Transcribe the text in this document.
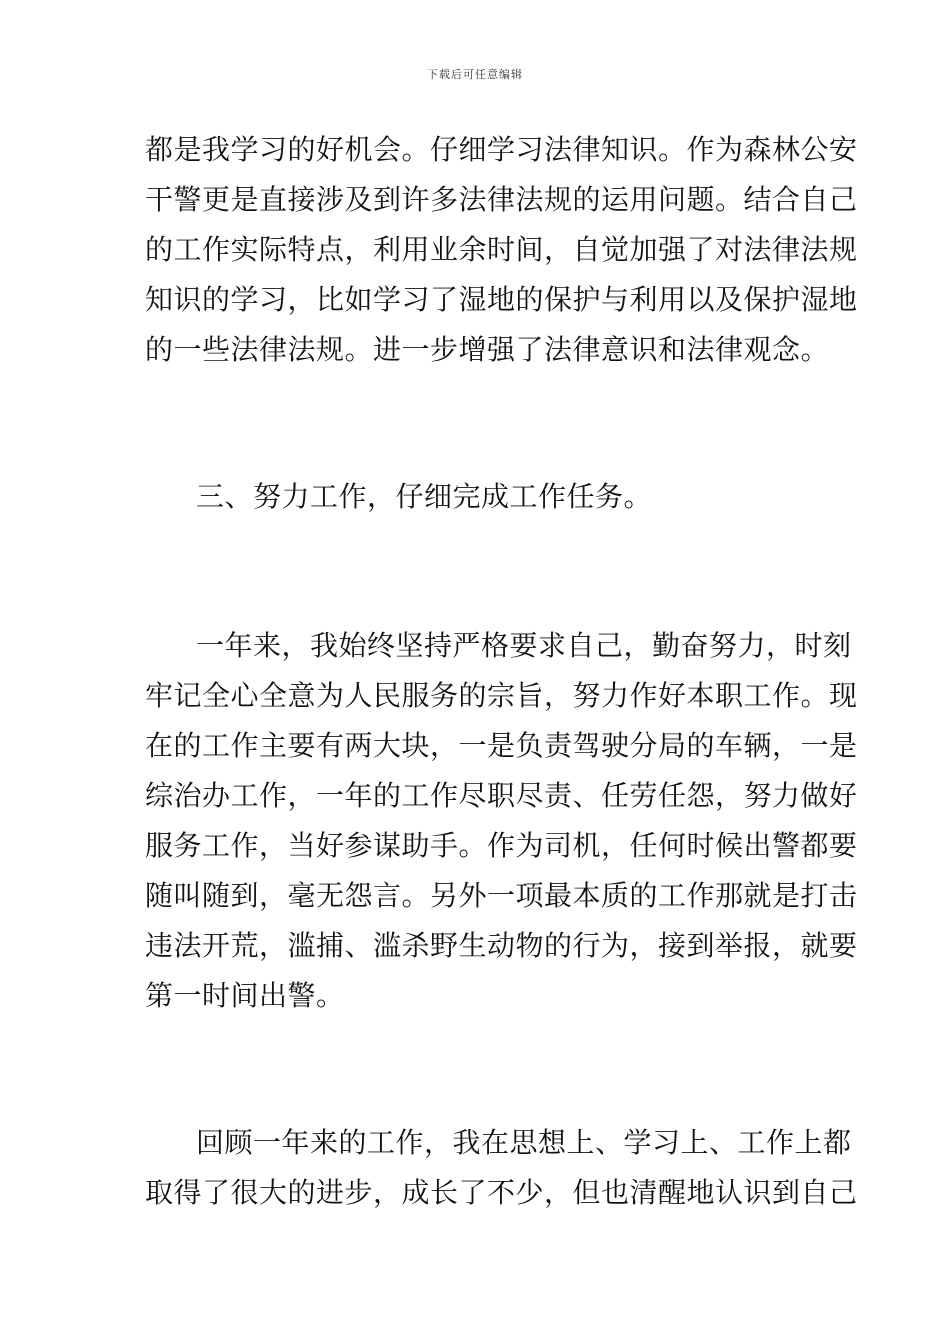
下载后可任意编辑
都是我学习的好机会。仔细学习法律知识。作为森林公安
干警更是直接涉及到许多法律法规的运用问题。结合自己
的工作实际特点，利用业余时间，自觉加强了对法律法规
知识的学习，比如学习了湿地的保护与利用以及保护湿地
的一些法律法规。进一步增强了法律意识和法律观念。
三、努力工作，仔细完成工作任务。
一年来，我始终坚持严格要求自己，勤奋努力，时刻
牢记全心全意为人民服务的宗旨，努力作好本职工作。现
在的工作主要有两大块，一是负责驾驶分局的车辆，一是
综治办工作，一年的工作尽职尽责、任劳任怨，努力做好
服务工作，当好参谋助手。作为司机，任何时候出警都要
随叫随到，毫无怨言。另外一项最本质的工作那就是打击
违法开荒，滥捕、滥杀野生动物的行为，接到举报，就要
第一时间出警。
回顾一年来的工作，我在思想上、学习上、工作上都
取得了很大的进步，成长了不少，但也清醒地认识到自己
